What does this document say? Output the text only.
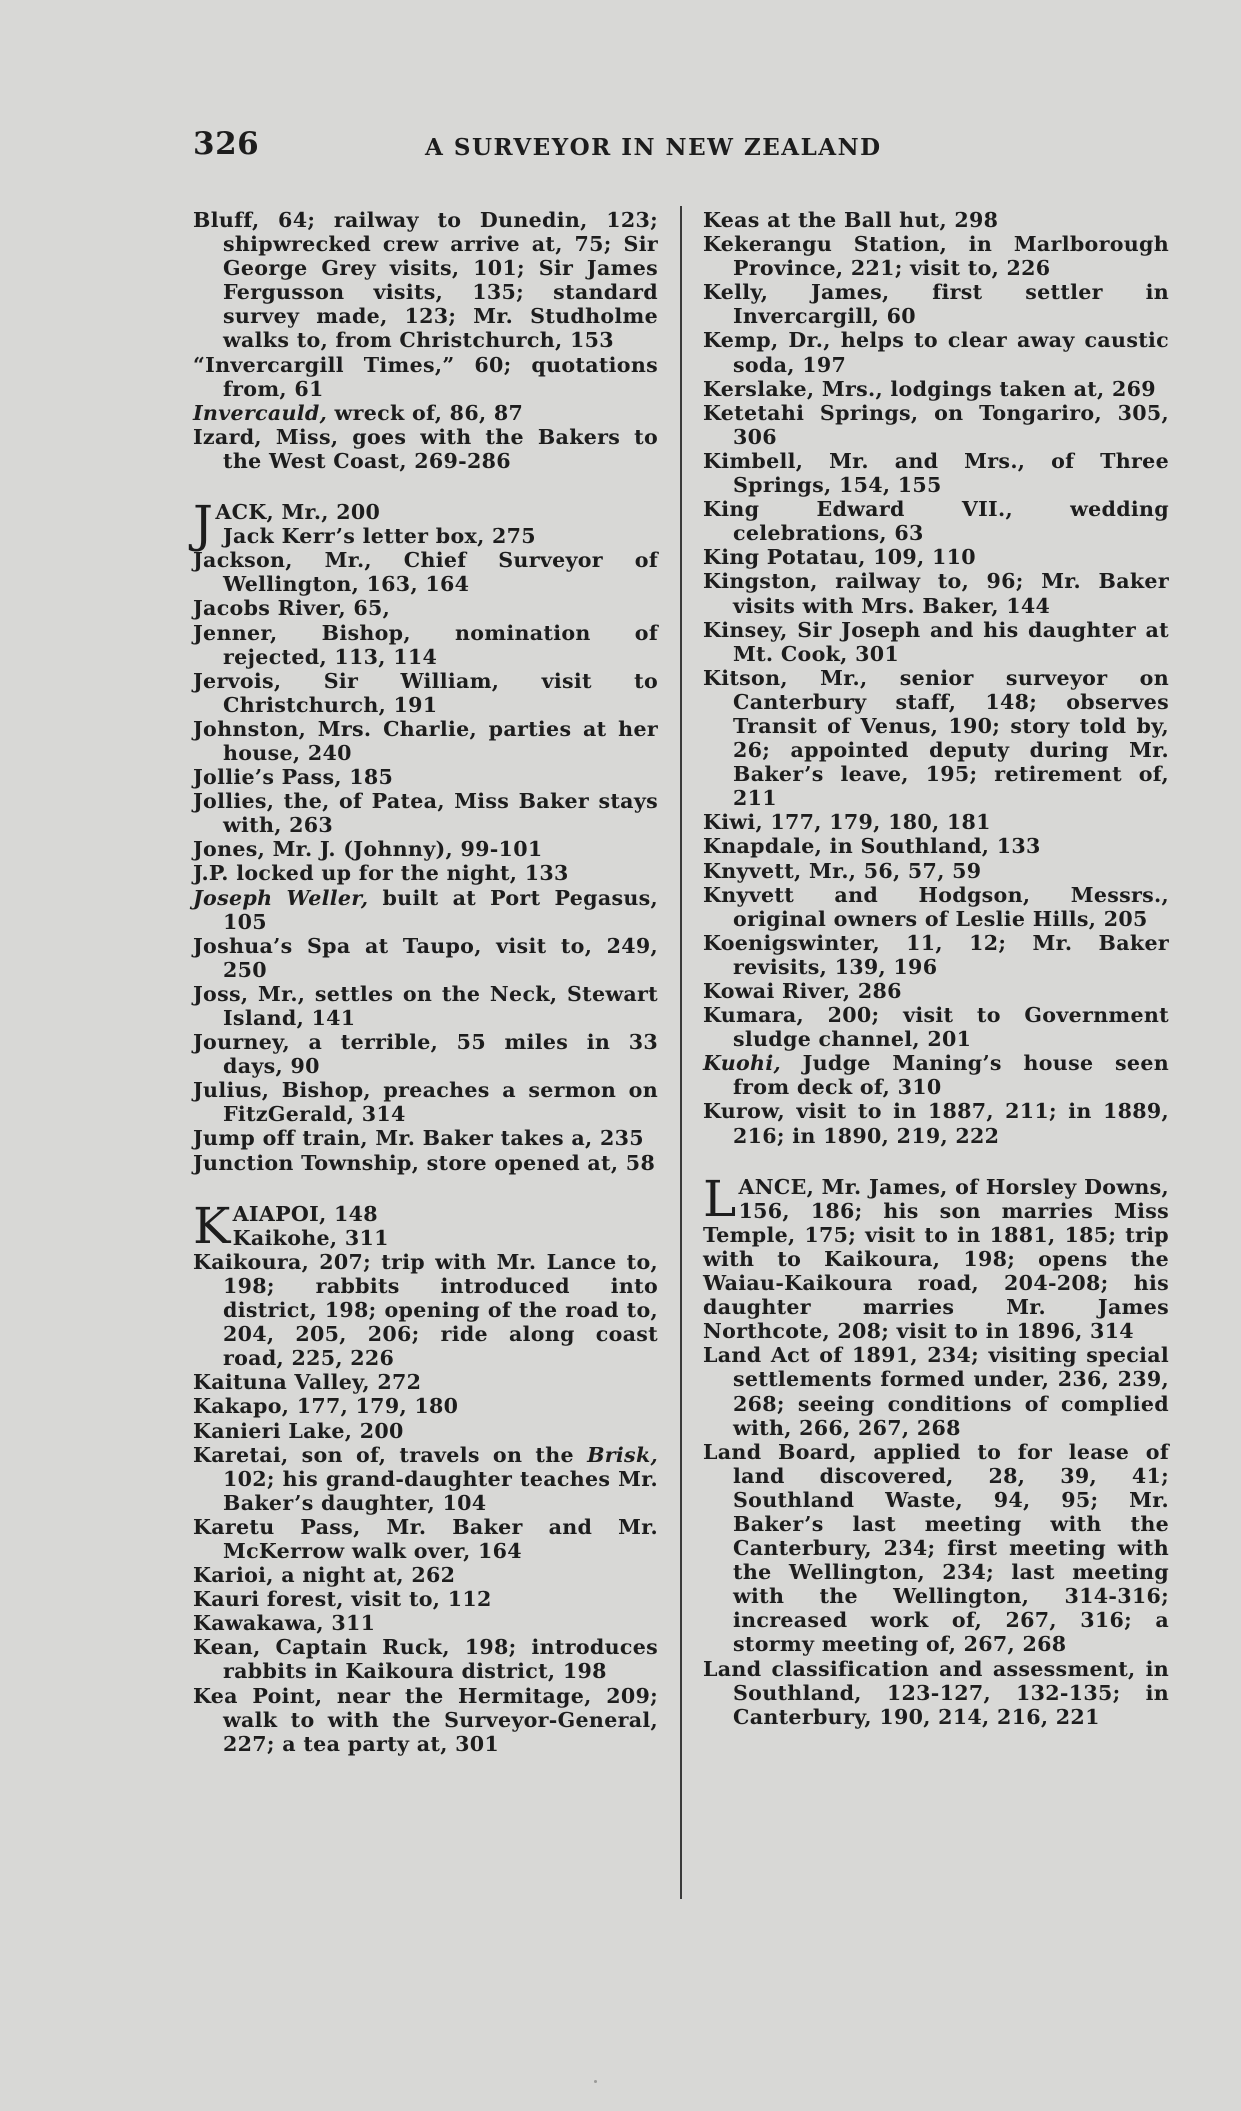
326	A SURVEYOR IN NEW ZEALAND

Bluff, 64; railway to Dunedin, 123; shipwrecked crew arrive at, 75; Sir George Grey visits, 101; Sir James Fergusson visits, 135; standard survey made, 123; Mr. Studholme walks to, from Christchurch, 153

“Invercargill Times,” 60; quotations from, 61

Invercauld, wreck of, 86, 87

Izard, Miss, goes with the Bakers to the West Coast, 269-286

JACK, Mr., 200

Jack Kerr’s letter box, 275

Jackson, Mr., Chief Surveyor of Wellington, 163, 164

Jacobs River, 65,

Jenner, Bishop, nomination of rejected, 113, 114

Jervois, Sir William, visit to Christchurch, 191

Johnston, Mrs. Charlie, parties at her house, 240

Jollie’s Pass, 185

Jollies, the, of Patea, Miss Baker stays with, 263

Jones, Mr. J. (Johnny), 99-101

J.P. locked up for the night, 133

Joseph Weller, built at Port Pegasus, 105

Joshua’s Spa at Taupo, visit to, 249, 250

Joss, Mr., settles on the Neck, Stewart Island, 141

Journey, a terrible, 55 miles in 33 days, 90

Julius, Bishop, preaches a sermon on FitzGerald, 314

Jump off train, Mr. Baker takes a, 235

Junction Township, store opened at, 58

KAIAPOI, 148

Kaikohe, 311

Kaikoura, 207; trip with Mr. Lance to, 198; rabbits introduced into district, 198; opening of the road to, 204, 205, 206; ride along coast road, 225, 226

Kaituna Valley, 272

Kakapo, 177, 179, 180

Kanieri Lake, 200

Karetai, son of, travels on the Brisk, 102; his grand-daughter teaches Mr. Baker’s daughter, 104

Karetu Pass, Mr. Baker and Mr. McKerrow walk over, 164

Karioi, a night at, 262

Kauri forest, visit to, 112

Kawakawa, 311

Kean, Captain Ruck, 198; introduces rabbits in Kaikoura district, 198

Kea Point, near the Hermitage, 209; walk to with the Surveyor-General, 227; a tea party at, 301

Keas at the Ball hut, 298

Kekerangu Station, in Marlborough Province, 221; visit to, 226

Kelly, James, first settler in Invercargill, 60

Kemp, Dr., helps to clear away caustic soda, 197

Kerslake, Mrs., lodgings taken at, 269

Ketetahi Springs, on Tongariro, 305, 306

Kimbell, Mr. and Mrs., of Three Springs, 154, 155

King Edward VII., wedding celebrations, 63

King Potatau, 109, 110

Kingston, railway to, 96; Mr. Baker visits with Mrs. Baker, 144

Kinsey, Sir Joseph and his daughter at Mt. Cook, 301

Kitson, Mr., senior surveyor on Canterbury staff, 148; observes Transit of Venus, 190; story told by, 26; appointed deputy during Mr. Baker’s leave, 195; retirement of, 211

Kiwi, 177, 179, 180, 181

Knapdale, in Southland, 133

Knyvett, Mr., 56, 57, 59

Knyvett and Hodgson, Messrs., original owners of Leslie Hills, 205

Koenigswinter, 11, 12; Mr. Baker revisits, 139, 196

Kowai River, 286

Kumara, 200; visit to Government sludge channel, 201

Kuohi, Judge Maning’s house seen from deck of, 310

Kurow, visit to in 1887, 211; in 1889, 216; in 1890, 219, 222

LANCE, Mr. James, of Horsley Downs, 156, 186; his son marries Miss Temple, 175; visit to in 1881, 185; trip with to Kaikoura, 198; opens the Waiau-Kaikoura road, 204-208; his daughter marries Mr. James Northcote, 208; visit to in 1896, 314

Land Act of 1891, 234; visiting special settlements formed under, 236, 239, 268; seeing conditions of complied with, 266, 267, 268

Land Board, applied to for lease of land discovered, 28, 39, 41; Southland Waste, 94, 95; Mr. Baker’s last meeting with the Canterbury, 234; first meeting with the Wellington, 234; last meeting with the Wellington, 314-316; increased work of, 267, 316; a stormy meeting of, 267, 268

Land classification and assessment, in Southland, 123-127, 132-135; in Canterbury, 190, 214, 216, 221
